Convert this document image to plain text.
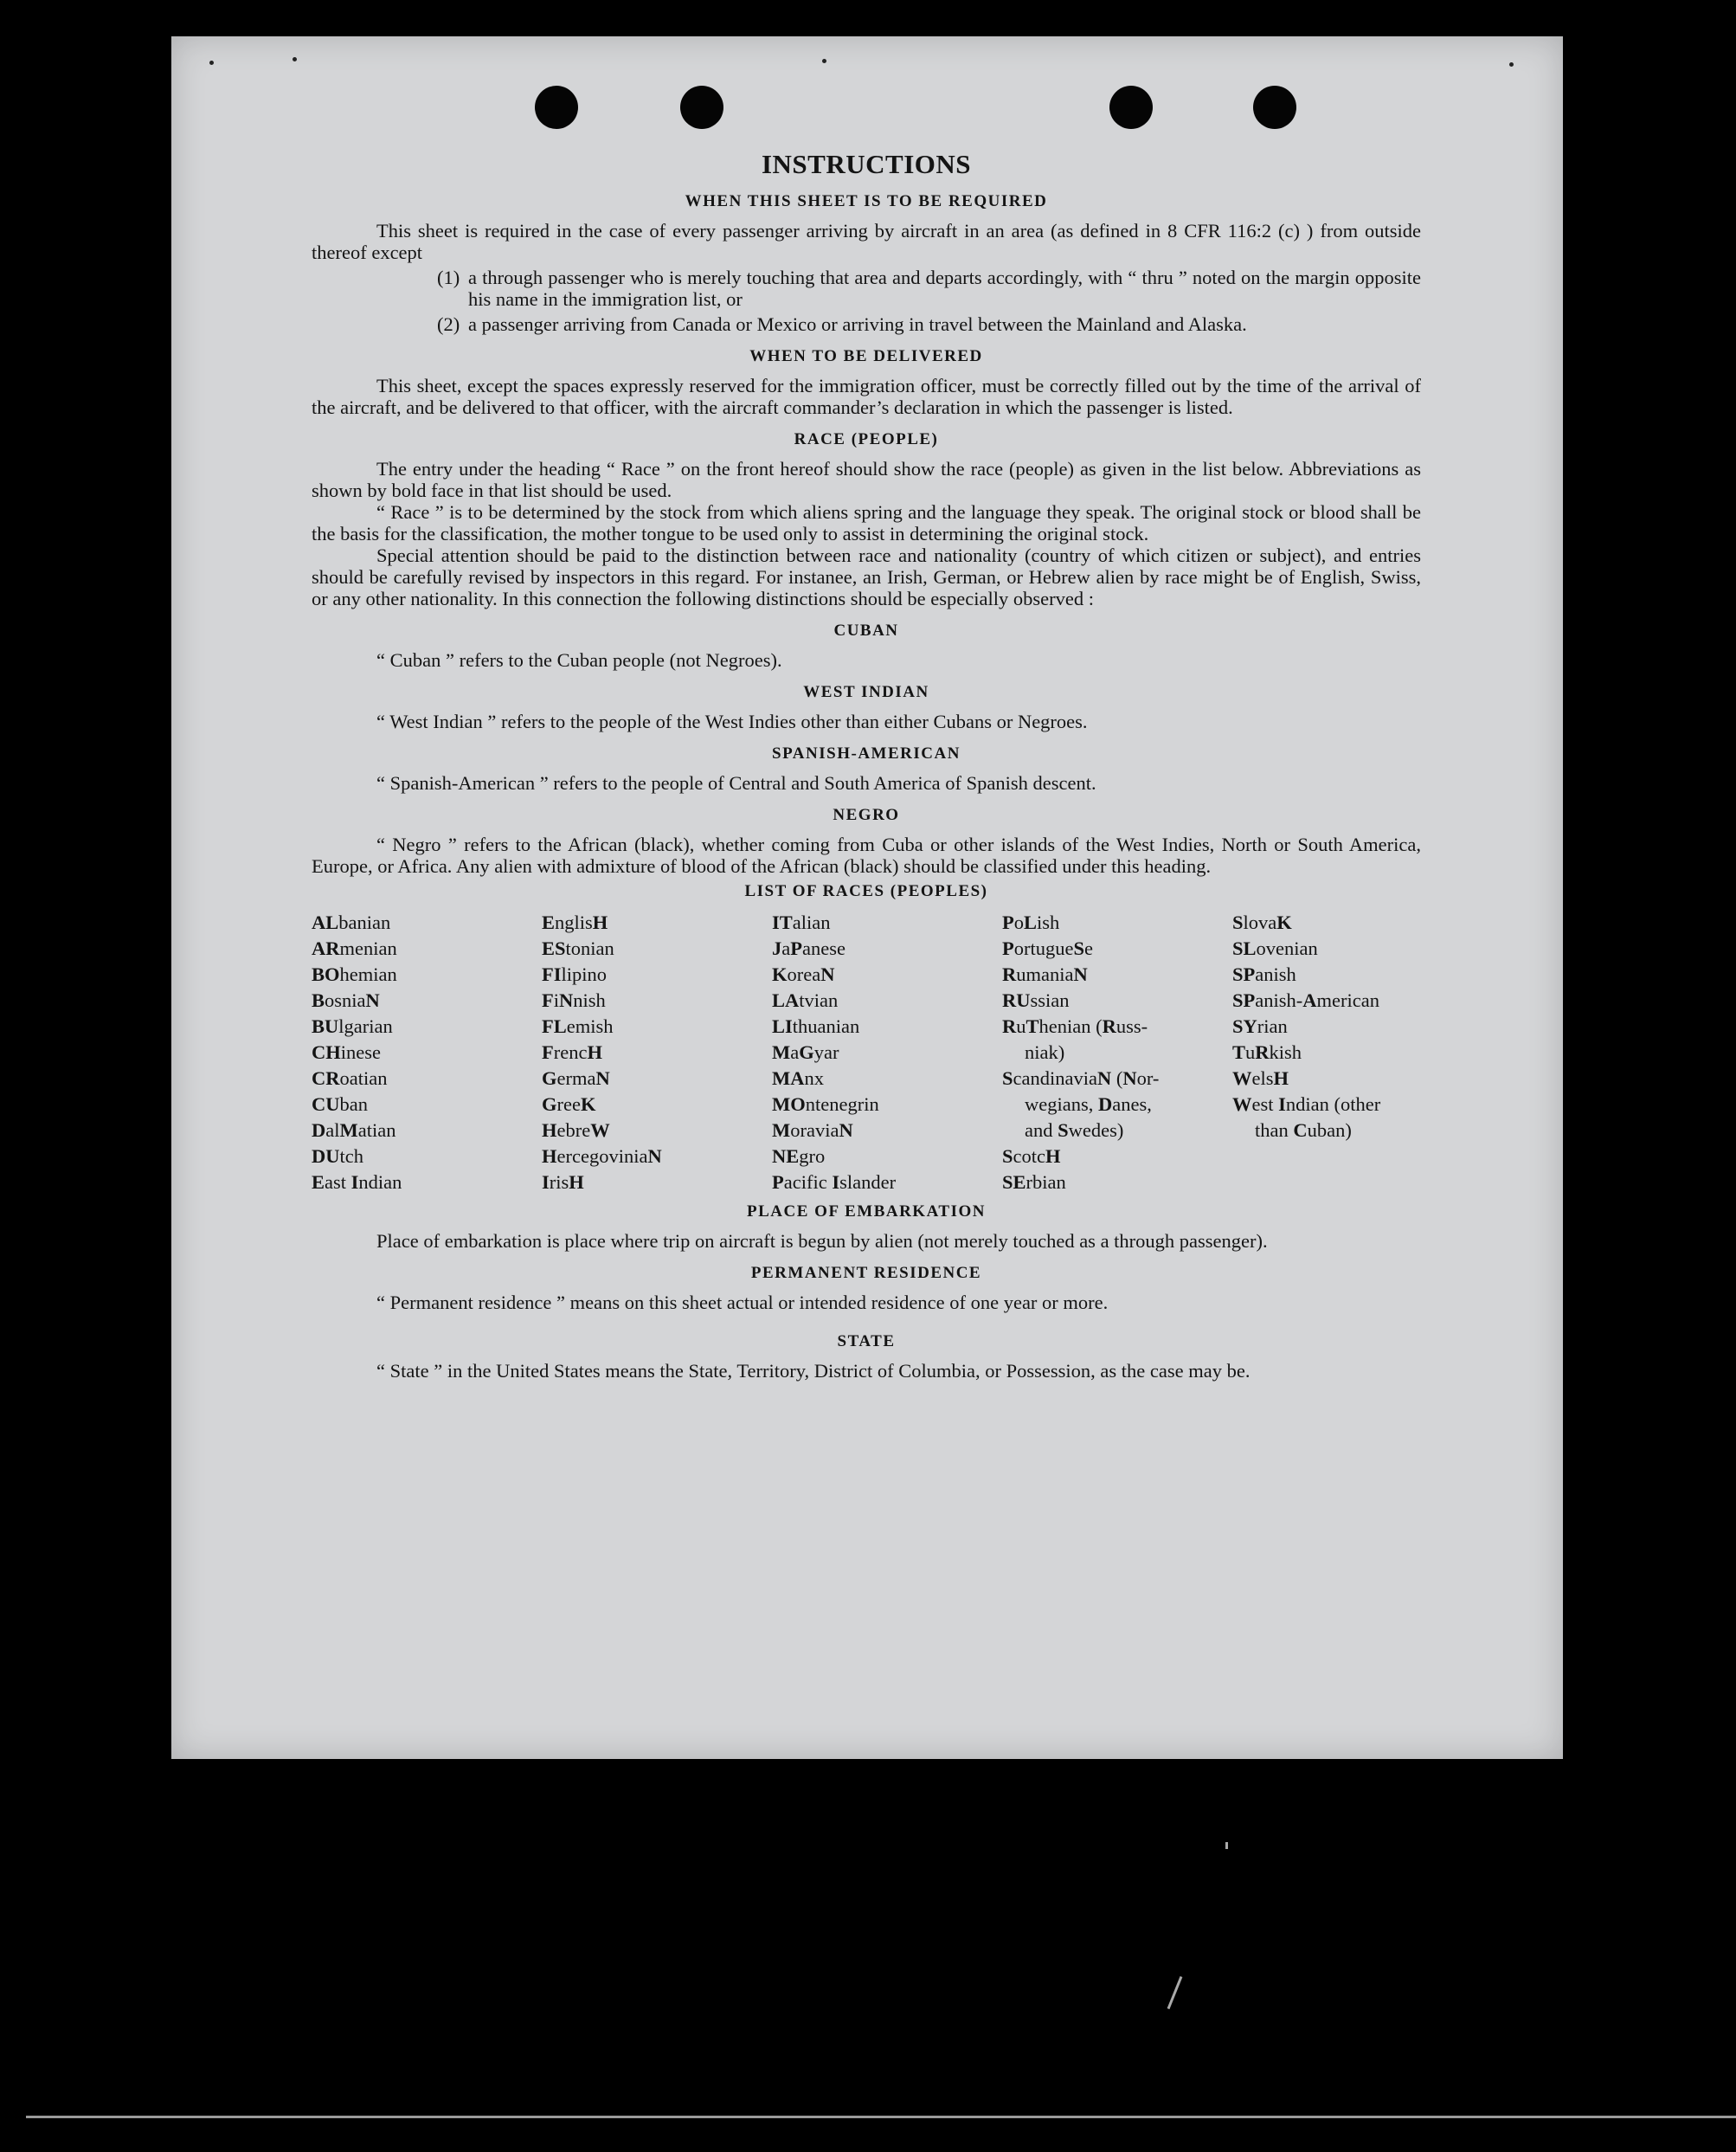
INSTRUCTIONS
WHEN THIS SHEET IS TO BE REQUIRED

This sheet is required in the case of every passenger arriving by aircraft in an area (as defined in 8 CFR 116:2 (c) ) from outside thereof except

(1) a through passenger who is merely touching that area and departs accordingly, with “ thru ” noted on the margin opposite his name in the immigration list, or
(2) a passenger arriving from Canada or Mexico or arriving in travel between the Mainland and Alaska.
WHEN TO BE DELIVERED

This sheet, except the spaces expressly reserved for the immigration officer, must be correctly filled out by the time of the arrival of the aircraft, and be delivered to that officer, with the aircraft commander’s declaration in which the passenger is listed.

RACE (PEOPLE)

The entry under the heading “ Race ” on the front hereof should show the race (people) as given in the list below. Abbreviations as shown by bold face in that list should be used.

“ Race ” is to be determined by the stock from which aliens spring and the language they speak. The original stock or blood shall be the basis for the classification, the mother tongue to be used only to assist in determining the original stock.

Special attention should be paid to the distinction between race and nationality (country of which citizen or subject), and entries should be carefully revised by inspectors in this regard. For instanee, an Irish, German, or Hebrew alien by race might be of English, Swiss, or any other nationality. In this connection the following distinctions should be especially observed :

CUBAN

“ Cuban ” refers to the Cuban people (not Negroes).

WEST INDIAN

“ West Indian ” refers to the people of the West Indies other than either Cubans or Negroes.

SPANISH-AMERICAN

“ Spanish-American ” refers to the people of Central and South America of Spanish descent.

NEGRO

“ Negro ” refers to the African (black), whether coming from Cuba or other islands of the West Indies, North or South America, Europe, or Africa. Any alien with admixture of blood of the African (black) should be classified under this heading.

LIST OF RACES (PEOPLES)
ALbanian
ARmenian
BOhemian
BosniaN
BUlgarian
CHinese
CRoatian
CUban
DalMatian
DUtch
East Indian
EnglisH
EStonian
FIlipino
FiNnish
FLemish
FrencH
GermaN
GreeK
HebreW
HercegoviniaN
IrisH
ITalian
JaPanese
KoreaN
LAtvian
LIthuanian
MaGyar
MAnx
MOntenegrin
MoraviaN
NEgro
Pacific Islander
PoLish
PortugueSe
RumaniaN
RUssian
RuThenian (Russ-
niak)
ScandinaviaN (Nor-
wegians, Danes,
and Swedes)
ScotcH
SErbian
SlovaK
SLovenian
SPanish
SPanish-American
SYrian
TuRkish
WelsH
West Indian (other
than Cuban)
PLACE OF EMBARKATION

Place of embarkation is place where trip on aircraft is begun by alien (not merely touched as a through passenger).

PERMANENT RESIDENCE

“ Permanent residence ” means on this sheet actual or intended residence of one year or more.

STATE

“ State ” in the United States means the State, Territory, District of Columbia, or Possession, as the case may be.
